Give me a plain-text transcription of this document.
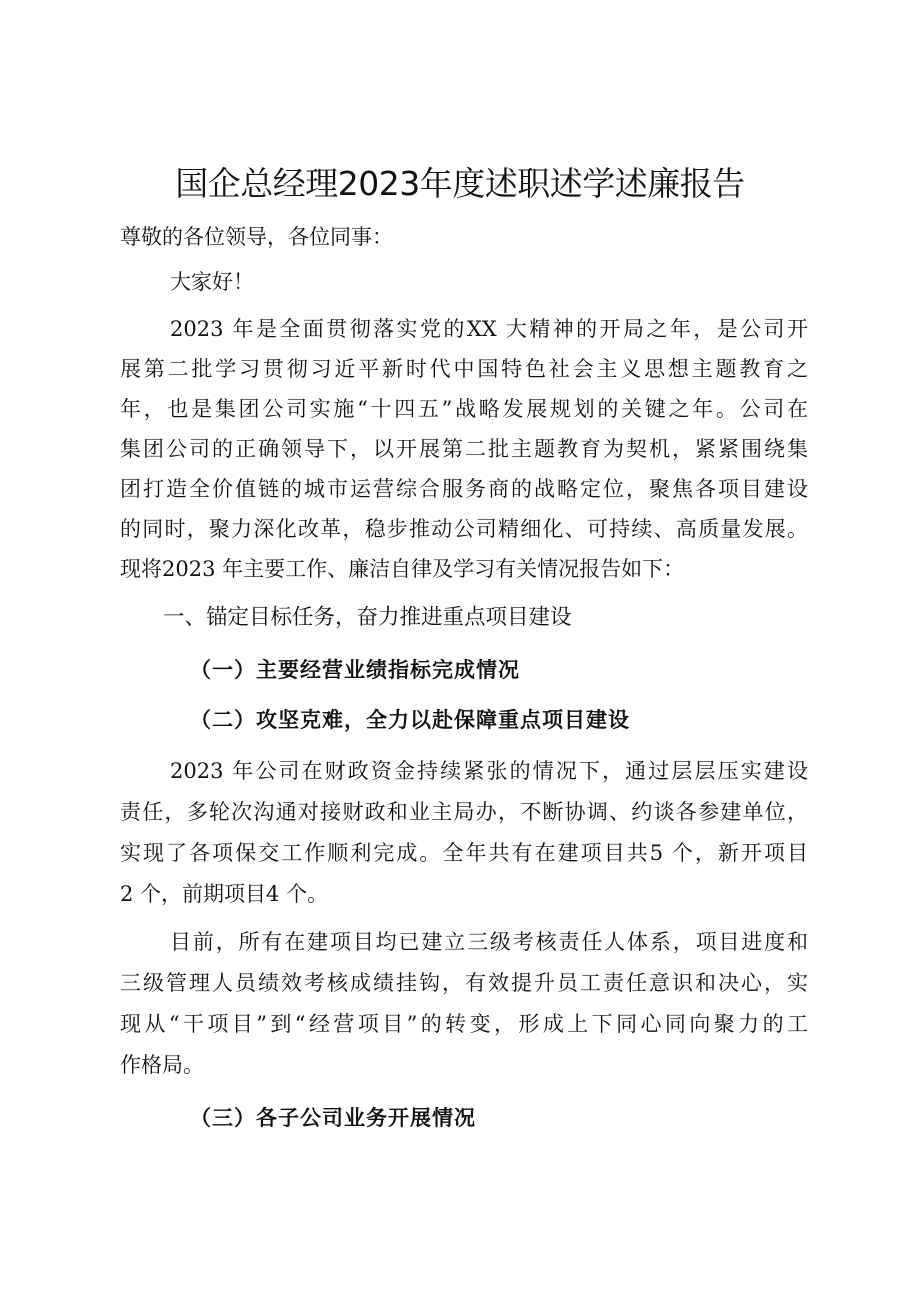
国企总经理2023年度述职述学述廉报告
尊敬的各位领导，各位同事：
大家好！
2023 年是全面贯彻落实党的XX 大精神的开局之年，是公司开
展第二批学习贯彻习近平新时代中国特色社会主义思想主题教育之
年，也是集团公司实施“十四五”战略发展规划的关键之年。公司在
集团公司的正确领导下，以开展第二批主题教育为契机，紧紧围绕集
团打造全价值链的城市运营综合服务商的战略定位，聚焦各项目建设
的同时，聚力深化改革，稳步推动公司精细化、可持续、高质量发展。
现将2023 年主要工作、廉洁自律及学习有关情况报告如下：
一、锚定目标任务，奋力推进重点项目建设
（一）主要经营业绩指标完成情况
（二）攻坚克难，全力以赴保障重点项目建设
2023 年公司在财政资金持续紧张的情况下，通过层层压实建设
责任，多轮次沟通对接财政和业主局办，不断协调、约谈各参建单位，
实现了各项保交工作顺利完成。全年共有在建项目共5 个，新开项目
2 个，前期项目4 个。
目前，所有在建项目均已建立三级考核责任人体系，项目进度和
三级管理人员绩效考核成绩挂钩，有效提升员工责任意识和决心，实
现从“干项目”到“经营项目”的转变，形成上下同心同向聚力的工
作格局。
（三）各子公司业务开展情况
